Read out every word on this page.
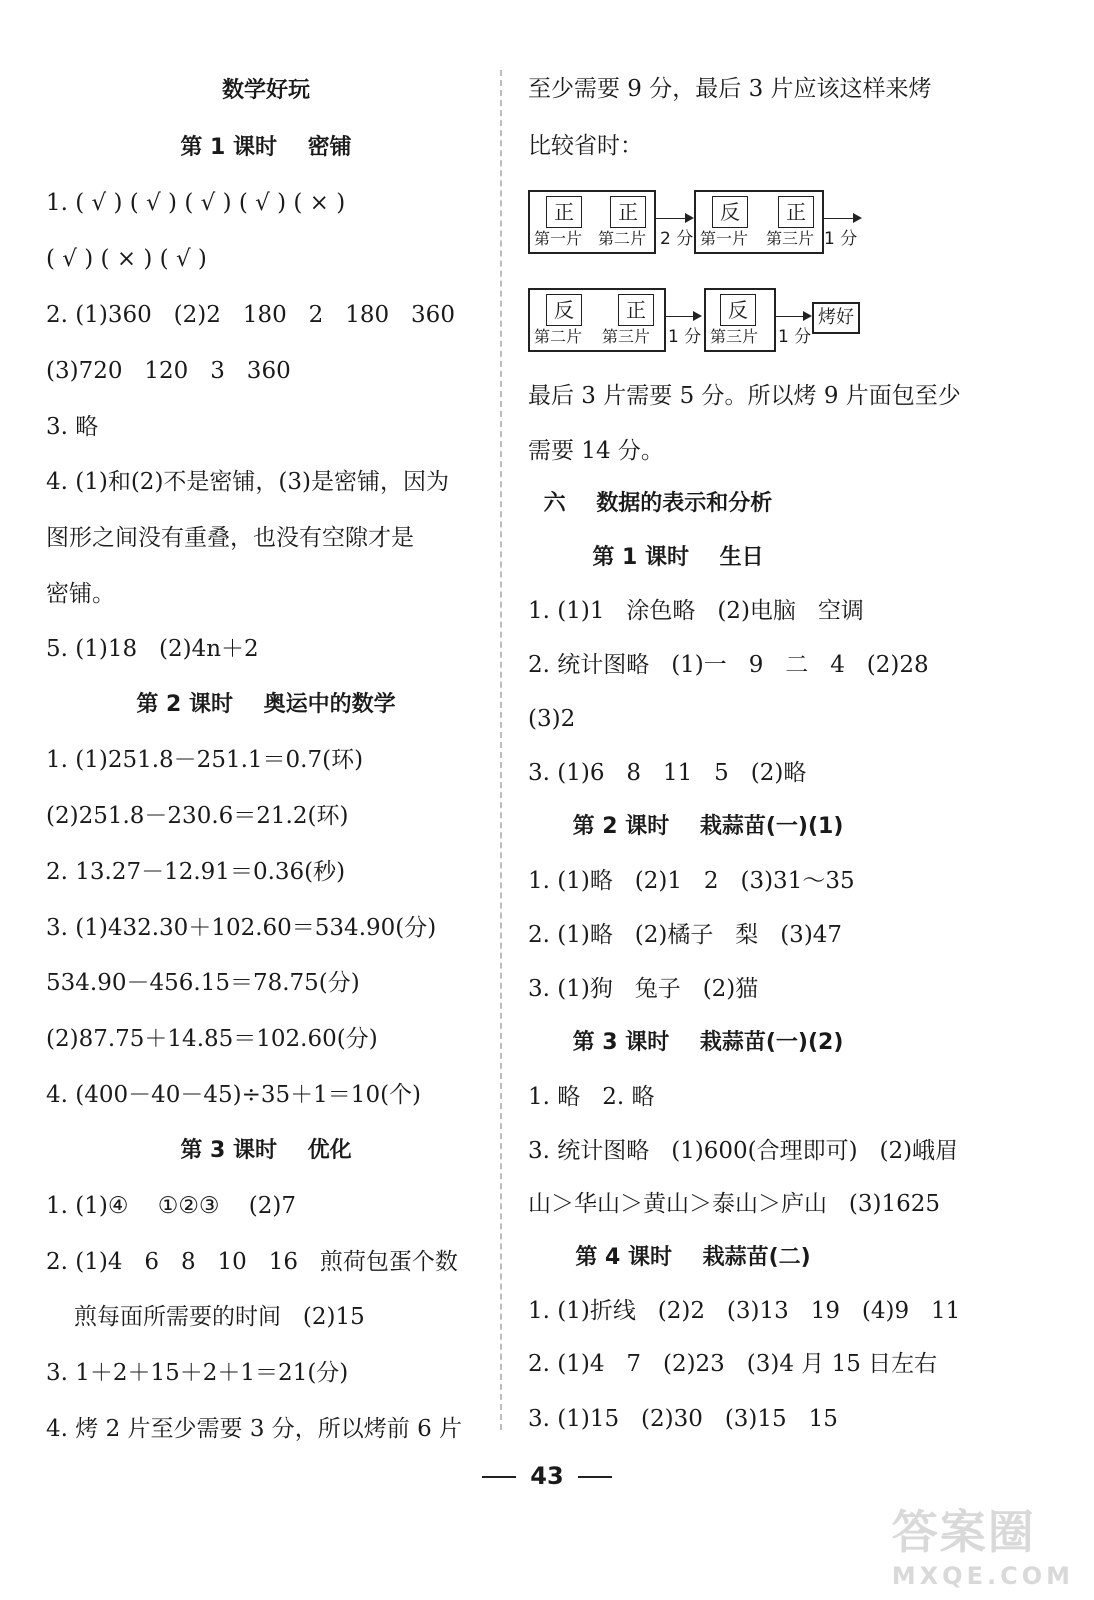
数学好玩
第 1 课时    密铺
1. ( √ ) ( √ ) ( √ ) ( √ ) ( × )
( √ ) ( × ) ( √ )
2. (1)360   (2)2   180   2   180   360
(3)720   120   3   360
3. 略
4. (1)和(2)不是密铺，(3)是密铺，因为
图形之间没有重叠，也没有空隙才是
密铺。
5. (1)18   (2)4n＋2
第 2 课时    奥运中的数学
1. (1)251.8－251.1＝0.7(环)
(2)251.8－230.6＝21.2(环)
2. 13.27－12.91＝0.36(秒)
3. (1)432.30＋102.60＝534.90(分)
534.90－456.15＝78.75(分)
(2)87.75＋14.85＝102.60(分)
4. (400－40－45)÷35＋1＝10(个)
第 3 课时    优化
1. (1)④    ①②③    (2)7
2. (1)4   6   8   10   16   煎荷包蛋个数
煎每面所需要的时间   (2)15
3. 1＋2＋15＋2＋1＝21(分)
4. 烤 2 片至少需要 3 分，所以烤前 6 片
至少需要 9 分，最后 3 片应该这样来烤
比较省时：
正	正
第一片 第二片 2 分
反	正
第一片 第三片 1 分
反	正
第二片 第三片 1 分
反
第三片 1 分
烤好
最后 3 片需要 5 分。所以烤 9 片面包至少
需要 14 分。
六    数据的表示和分析
第 1 课时    生日
1. (1)1   涂色略   (2)电脑   空调
2. 统计图略   (1)一   9   二   4   (2)28
(3)2
3. (1)6   8   11   5   (2)略
第 2 课时    栽蒜苗(一)(1)
1. (1)略   (2)1   2   (3)31～35
2. (1)略   (2)橘子   梨   (3)47
3. (1)狗   兔子   (2)猫
第 3 课时    栽蒜苗(一)(2)
1. 略   2. 略
3. 统计图略   (1)600(合理即可)   (2)峨眉
山＞华山＞黄山＞泰山＞庐山   (3)1625
第 4 课时    栽蒜苗(二)
1. (1)折线   (2)2   (3)13   19   (4)9   11
2. (1)4   7   (2)23   (3)4 月 15 日左右
3. (1)15   (2)30   (3)15   15
43
答案圈
MXQE.COM
